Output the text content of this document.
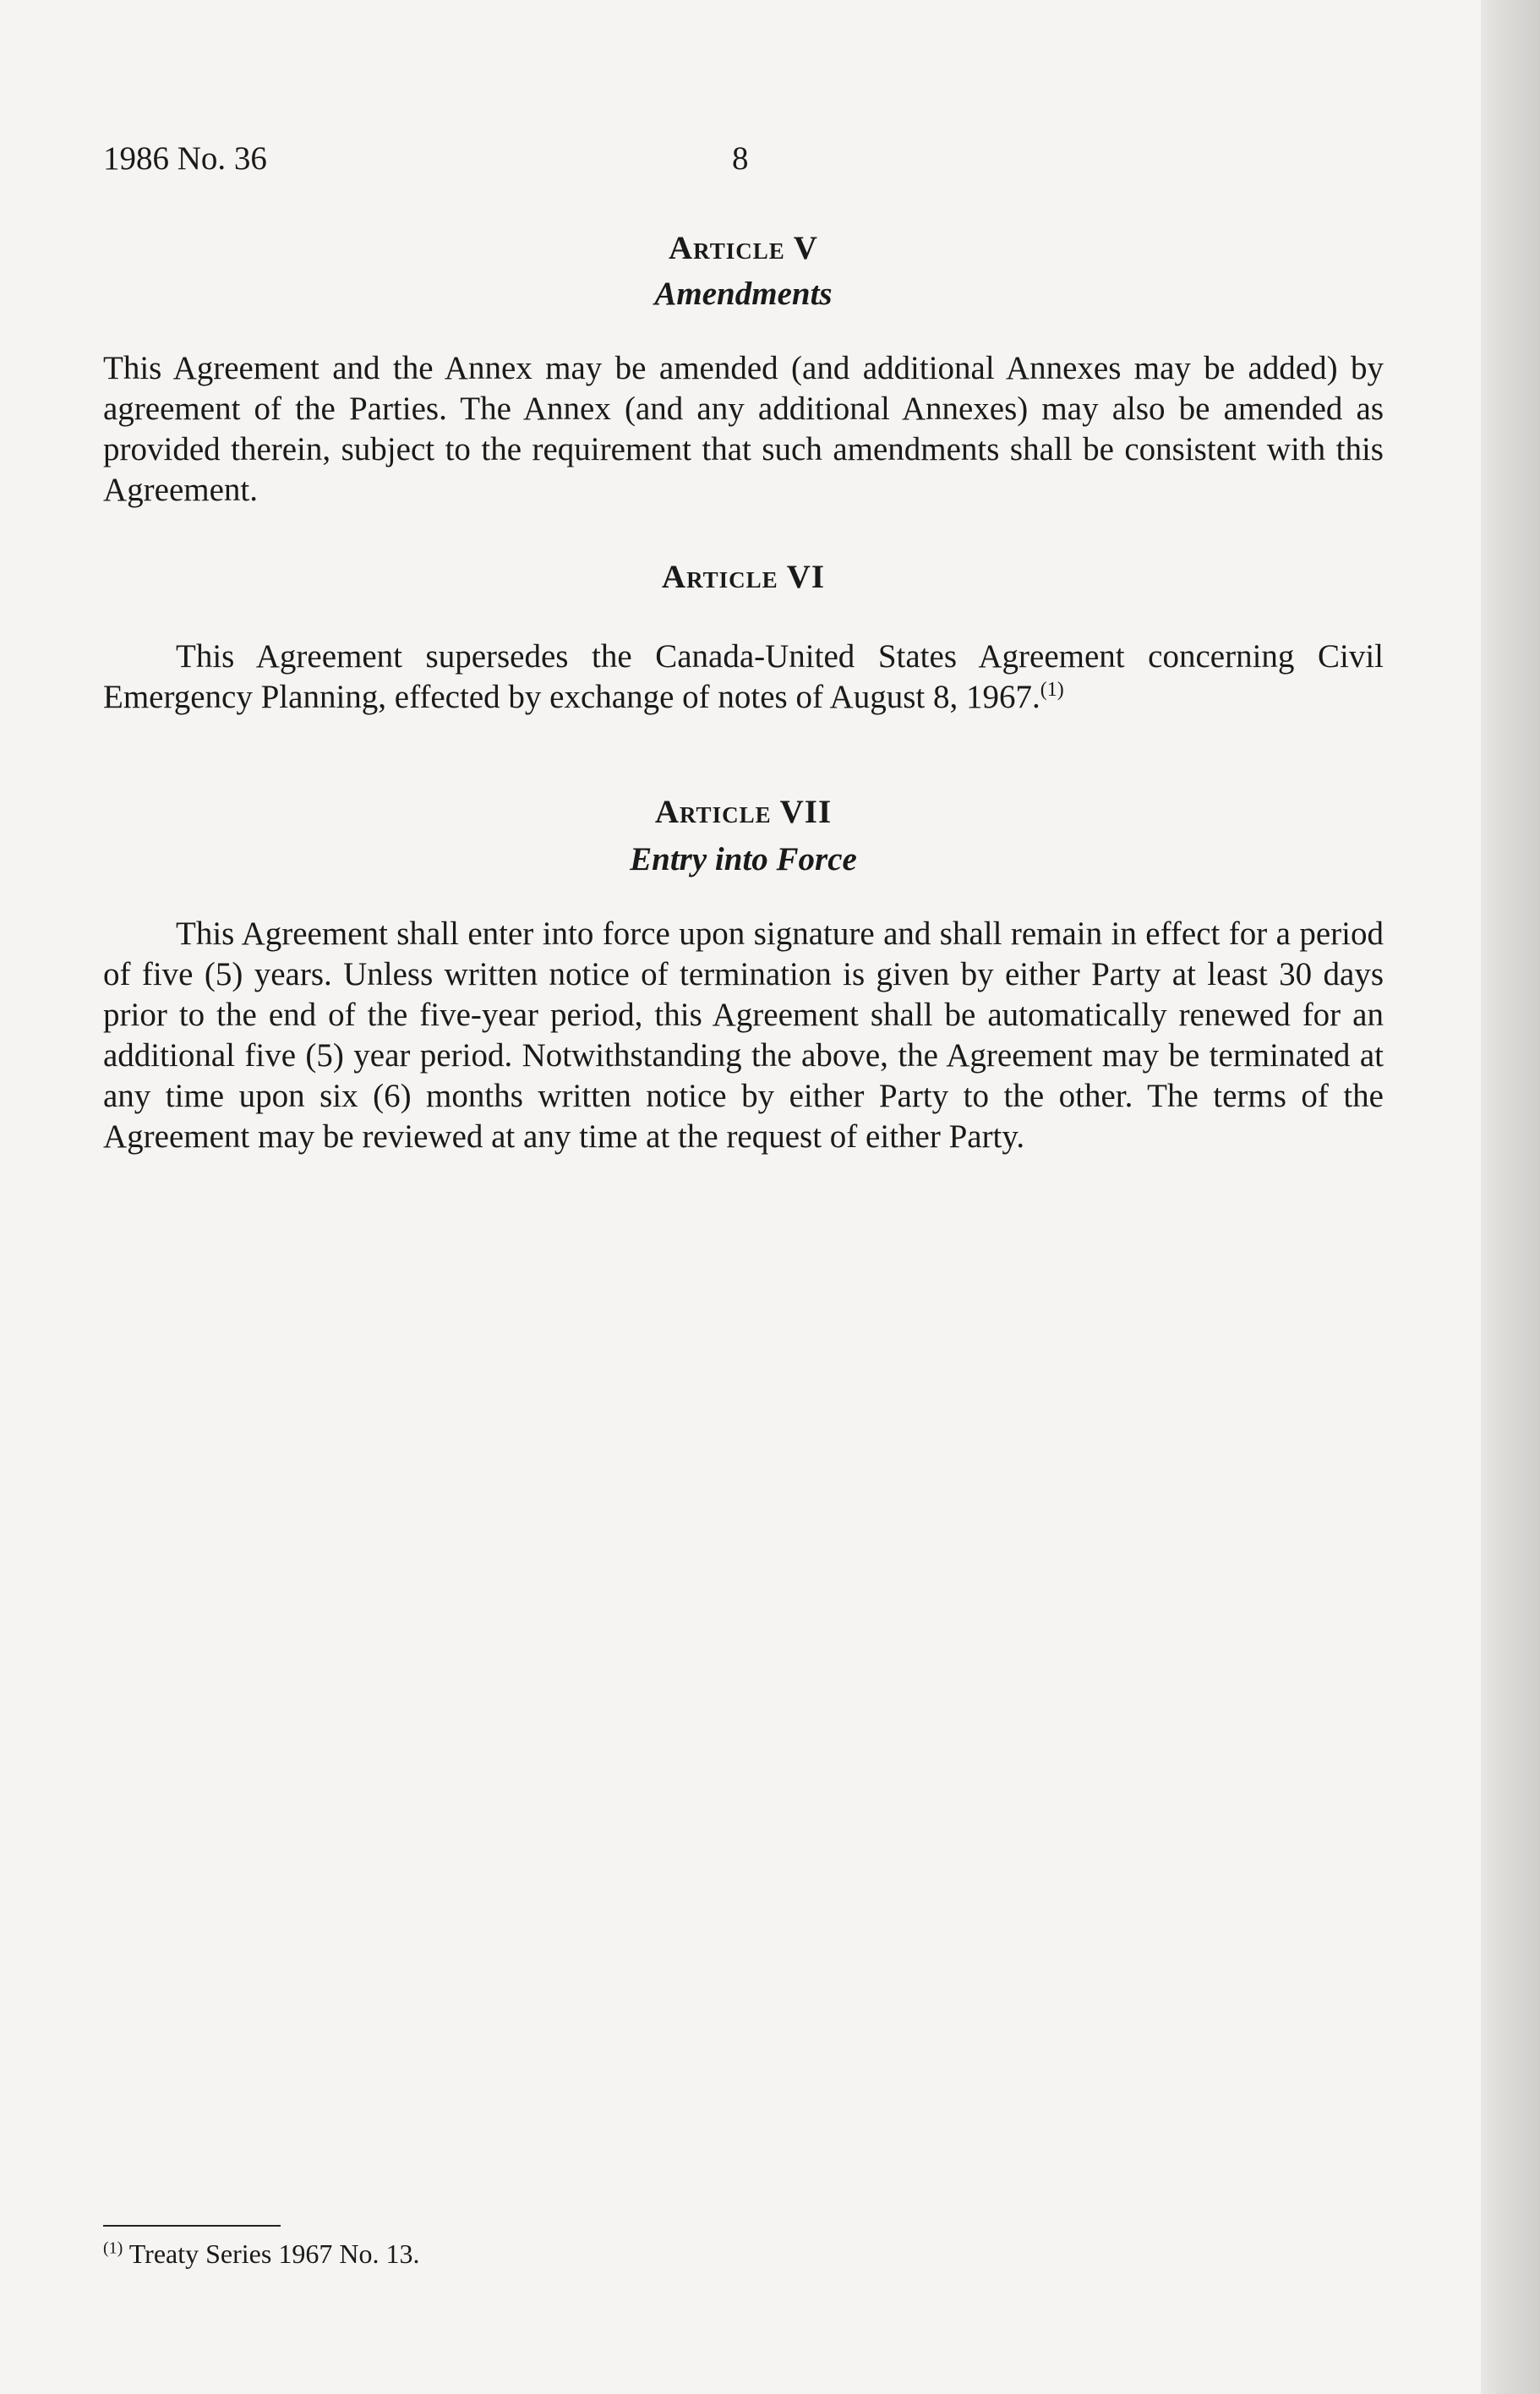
1986 No. 36	8
Article V
Amendments

This Agreement and the Annex may be amended (and additional Annexes may be added) by agreement of the Parties. The Annex (and any additional Annexes) may also be amended as provided therein, subject to the requirement that such amendments shall be consistent with this Agreement.

Article VI

This Agreement supersedes the Canada-United States Agreement concerning Civil Emergency Planning, effected by exchange of notes of August 8, 1967.$^{(1)}$

Article VII
Entry into Force

This Agreement shall enter into force upon signature and shall remain in effect for a period of five (5) years. Unless written notice of termination is given by either Party at least 30 days prior to the end of the five-year period, this Agreement shall be automatically renewed for an additional five (5) year period. Notwithstanding the above, the Agreement may be terminated at any time upon six (6) months written notice by either Party to the other. The terms of the Agreement may be reviewed at any time at the request of either Party.

$^{(1)}$ Treaty Series 1967 No. 13.
